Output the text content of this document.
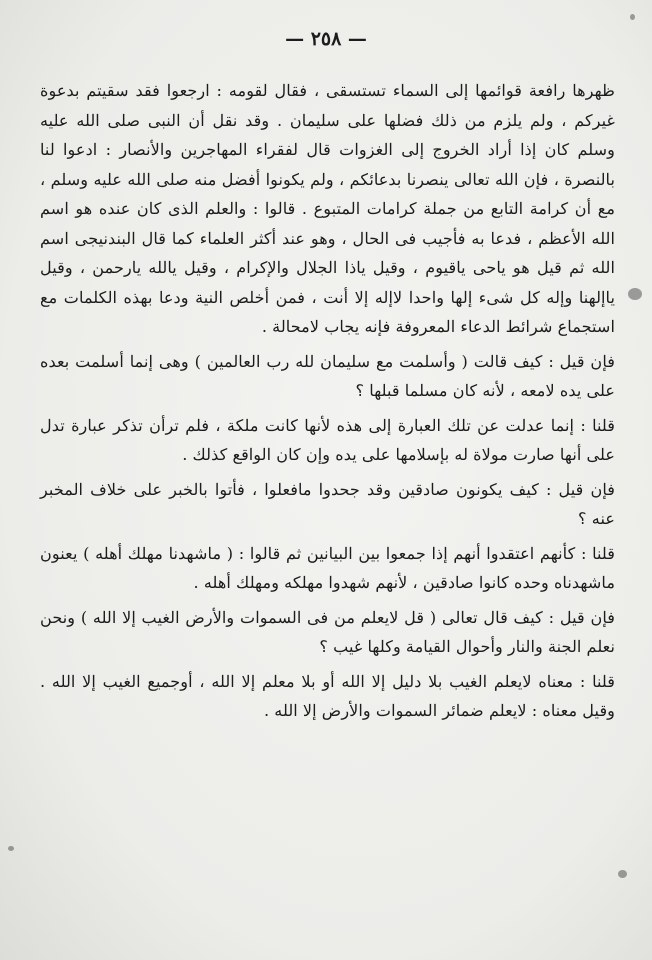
— ٢٥٨ —

ظهرها رافعة قوائمها إلى السماء تستسقى ، فقال لقومه : ارجعوا فقد سقيتم بدعوة غيركم ، ولم يلزم من ذلك فضلها على سليمان . وقد نقل أن النبى صلى الله عليه وسلم كان إذا أراد الخروج إلى الغزوات قال لفقراء المهاجرين والأنصار : ادعوا لنا بالنصرة ، فإن الله تعالى ينصرنا بدعائكم ، ولم يكونوا أفضل منه صلى الله عليه وسلم ، مع أن كرامة التابع من جملة كرامات المتبوع . قالوا : والعلم الذى كان عنده هو اسم الله الأعظم ، فدعا به فأجيب فى الحال ، وهو عند أكثر العلماء كما قال البندنيجى اسم الله ثم قيل هو ياحى ياقيوم ، وقيل ياذا الجلال والإكرام ، وقيل يالله يارحمن ، وقيل ياإلهنا وإله كل شىء إلها واحدا لاإله إلا أنت ، فمن أخلص النية ودعا بهذه الكلمات مع استجماع شرائط الدعاء المعروفة فإنه يجاب لامحالة .

فإن قيل : كيف قالت ( وأسلمت مع سليمان لله رب العالمين ) وهى إنما أسلمت بعده على يده لامعه ، لأنه كان مسلما قبلها ؟

قلنا : إنما عدلت عن تلك العبارة إلى هذه لأنها كانت ملكة ، فلم ترأن تذكر عبارة تدل على أنها صارت مولاة له بإسلامها على يده وإن كان الواقع كذلك .

فإن قيل : كيف يكونون صادقين وقد جحدوا مافعلوا ، فأتوا بالخبر على خلاف المخبر عنه ؟

قلنا : كأنهم اعتقدوا أنهم إذا جمعوا بين البيانين ثم قالوا : ( ماشهدنا مهلك أهله ) يعنون ماشهدناه وحده كانوا صادقين ، لأنهم شهدوا مهلكه ومهلك أهله .

فإن قيل : كيف قال تعالى ( قل لايعلم من فى السموات والأرض الغيب إلا الله ) ونحن نعلم الجنة والنار وأحوال القيامة وكلها غيب ؟

قلنا : معناه لايعلم الغيب بلا دليل إلا الله أو بلا معلم إلا الله ، أوجميع الغيب إلا الله . وقيل معناه : لايعلم ضمائر السموات والأرض إلا الله .
